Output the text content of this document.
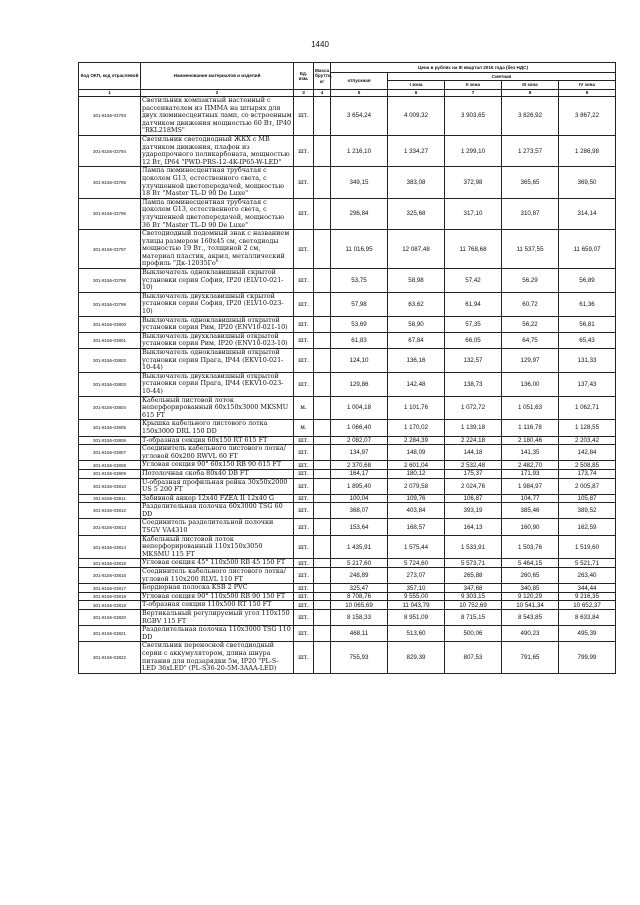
1440
Код ОКП, код отраслевой	Наименование материалов и изделий	Ед. изм.	Масса брутто, кг	Цена в рублях на III квартал 2016 года (без НДС)				
				отпускная	Сметная			
					I зона	II зона	III зона	IV зона
1	2	3	4	5	6	7	8	9
301-8156-03793	Светильник компактный настенный с рассеивателем из ПММА на штырях для двух люминесцентных ламп, со встроенным датчиком движения мощностью 60 Вт, IP40 "RKL218MS"	шт.		3 654,24	4 009,32	3 903,65	3 826,92	3 867,22
301-8156-03794	Светильник светодиодный ЖКХ с МВ датчиком движения, плафон из ударопрочного поликарбоната, мощностью 12 Вт, IP64 "PWD-PRS-12-4K-IP65-W-LED"	шт.		1 216,10	1 334,27	1 299,10	1 273,57	1 286,98
301-8156-03795	Лампа люминесцентная трубчатая с цоколем G13, естественного света, с улучшенной цветопередачей, мощностью 18 Вт "Master TL-D 90 De Luxe"	шт.		349,15	383,08	372,98	365,65	369,50
301-8156-03796	Лампа люминесцентная трубчатая с цоколем G13, естественного света, с улучшенной цветопередачей, мощностью 36 Вт "Master TL-D 90 De Luxe"	шт.		296,84	325,68	317,10	310,87	314,14
301-8156-03797	Светодиодный подомный знак с названием улицы размером 160х45 см, светодиоды мощностью 19 Вт., толщиной 2 см, материал пластик, акрил, металлический профиль "Дк-12035Го"	шт.		11 016,95	12 087,48	11 768,68	11 537,55	11 659,07
301-8156-03798	Выключатель одноклавишный скрытой установки серия София, IP20 (ELV10-021-10)	шт.		53,75	58,98	57,42	56,29	56,89
301-8156-03799	Выключатель двухклавишный скрытой установки серия София, IP20 (ELV10-023-10)	шт.		57,98	63,62	61,94	60,72	61,36
301-8156-03800	Выключатель одноклавишный открытой установки серия Рим, IP20 (ENV10-021-10)	шт.		53,69	58,90	57,35	56,22	56,81
301-8156-03801	Выключатель двухклавишный открытой установки серия Рим, IP20 (ENV10-023-10)	шт.		61,83	67,84	66,05	64,75	65,43
301-8156-03802	Выключатель одноклавишный открытой установки серия Прага, IP44 (EKV10-021-10-44)	шт.		124,10	136,16	132,57	129,97	131,33
301-8156-03803	Выключатель двухклавишный открытой установки серия Прага, IP44 (EKV10-023-10-44)	шт.		129,86	142,48	138,73	136,00	137,43
301-8156-03804	Кабельный листовой лоток неперфорированный 60х150х3000 MKSMU 615 FT	м.		1 004,18	1 101,76	1 072,72	1 051,63	1 062,71
301-8156-03805	Крышка кабельного листового лотка 150х3000 DRL 150 DD	м.		1 066,40	1 170,02	1 139,18	1 116,78	1 128,55
301-8156-03806	Т-образная секция 60х150 RT 615 FT	шт.		2 082,07	2 284,39	2 224,18	2 180,46	2 203,42
301-8156-03807	Соединитель кабельного листового лотка/угловой 60х200 RWVL 60 FT	шт.		134,97	148,09	144,18	141,35	142,84
301-8156-03808	Угловая секция 90° 60х150 RB 90 615 FT	шт.		2 370,68	2 601,04	2 532,48	2 482,70	2 508,85
301-8156-03809	Потолочная скоба 80х40 DB FT	шт.		164,17	180,12	175,37	171,93	173,74
301-8156-03810	U-образная профильная рейка 30х50х2000 US 5 200 FT	шт.		1 895,40	2 079,58	2 024,76	1 984,97	2 005,87
301-8156-03811	Забивной анкер 12х40 FZEA II 12х40 G	шт.		100,04	109,76	106,87	104,77	105,87
301-8156-03812	Разделительная полочка 60х3000 TSG 60 DD	шт.		368,07	403,84	393,19	385,46	389,52
301-8156-03813	Соединитель разделительной полочки TSGV VA4310	шт.		153,64	168,57	164,13	160,90	162,59
301-8156-03814	Кабельный листовой лоток неперфорированный 110х150х3050 MKSMU 115 FT	шт.		1 435,91	1 575,44	1 533,91	1 503,76	1 519,60
301-8156-03815	Угловая секция 45° 110х500 RB 45 150 FT	шт.		5 217,60	5 724,60	5 573,71	5 464,15	5 521,71
301-8156-03816	Соединитель кабельного листового лотка/угловой 110х200 RLVL 110 FT	шт.		248,89	273,07	265,88	260,65	263,40
301-8156-03817	Бордюрная полоска KSB 2 PVC	шт.		325,47	357,10	347,68	340,85	344,44
301-8156-03818	Угловая секция 90° 110х500 RB 90 150 FT	шт.		8 708,76	9 555,00	9 303,15	9 120,29	9 216,35
301-8156-03819	Т-образная секция 110х500 RT 150 FT	шт.		10 065,69	11 043,79	10 752,69	10 541,34	10 652,37
301-8156-03820	Вертикальный регулируемый угол 110х150 RGBV 115 FT	шт.		8 158,33	8 951,09	8 715,15	8 543,85	8 633,84
301-8156-03821	Разделительная полочка 110х3000 TSG 110 DD	шт.		468,11	513,60	500,06	490,23	495,39
301-8156-03822	Светильник переносной светодиодный серии с аккумулятором, длина шнура питания для подзарядки 5м, IP20 "PL-S-LED 36xLED" (PL-S36-20-5M-3AAA-LED)	шт.		755,93	829,39	807,53	791,65	799,99
